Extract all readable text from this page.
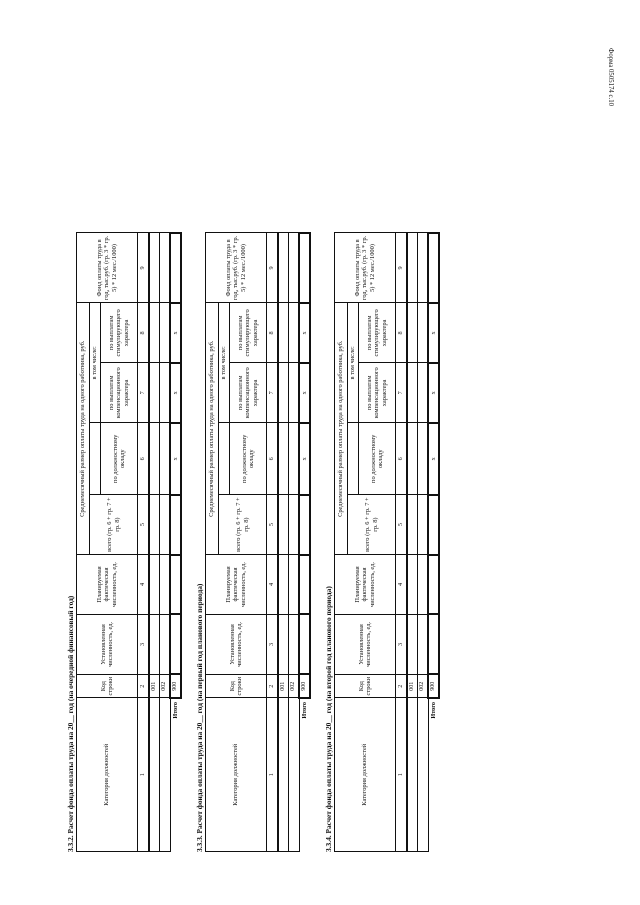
Форма 0505174 с.10
3.3.2. Расчет фонда оплаты труда на 20__ год (на очередной финансовый год)	Категория должностей	Код строки	Установленная численность, ед.	Планируемая фактическая численность, ед.	Среднемесячный размер оплаты труда на одного работника, руб.				Фонд оплаты труда в год, тыс.руб. (гр. 3 * гр. 5) * 12 мес./1000)
				всего (гр. 6 + гр. 7 + гр. 8)		в том числе:		
					по должностному окладу	по выплатам компенсационного характера	по выплатам стимулирующего характера	
1	2	3	4	5	6	7	8	9
	001							
	002							
Итого	900				х	х	х	
3.3.3. Расчет фонда оплаты труда на 20__ год (на первый год планового периода)	Категория должностей	Код строки	Установленная численность, ед.	Планируемая фактическая численность, ед.	Среднемесячный размер оплаты труда на одного работника, руб.				Фонд оплаты труда в год, тыс.руб. (гр. 3 * гр. 5) * 12 мес./1000)
				всего (гр. 6 + гр. 7 + гр. 8)		в том числе:		
					по должностному окладу	по выплатам компенсационного характера	по выплатам стимулирующего характера	
1	2	3	4	5	6	7	8	9
	001							
	002							
Итого	900				х	х	х	
3.3.4. Расчет фонда оплаты труда на 20__ год (на второй год планового периода)	Категория должностей	Код строки	Установленная численность, ед.	Планируемая фактическая численность, ед.	Среднемесячный размер оплаты труда на одного работника, руб.				Фонд оплаты труда в год, тыс.руб. (гр. 3 * гр. 5) * 12 мес./1000)
				всего (гр. 6 + гр. 7 + гр. 8)		в том числе:		
					по должностному окладу	по выплатам компенсационного характера	по выплатам стимулирующего характера	
1	2	3	4	5	6	7	8	9
	001							
	002							
Итого	900				х	х	х	
